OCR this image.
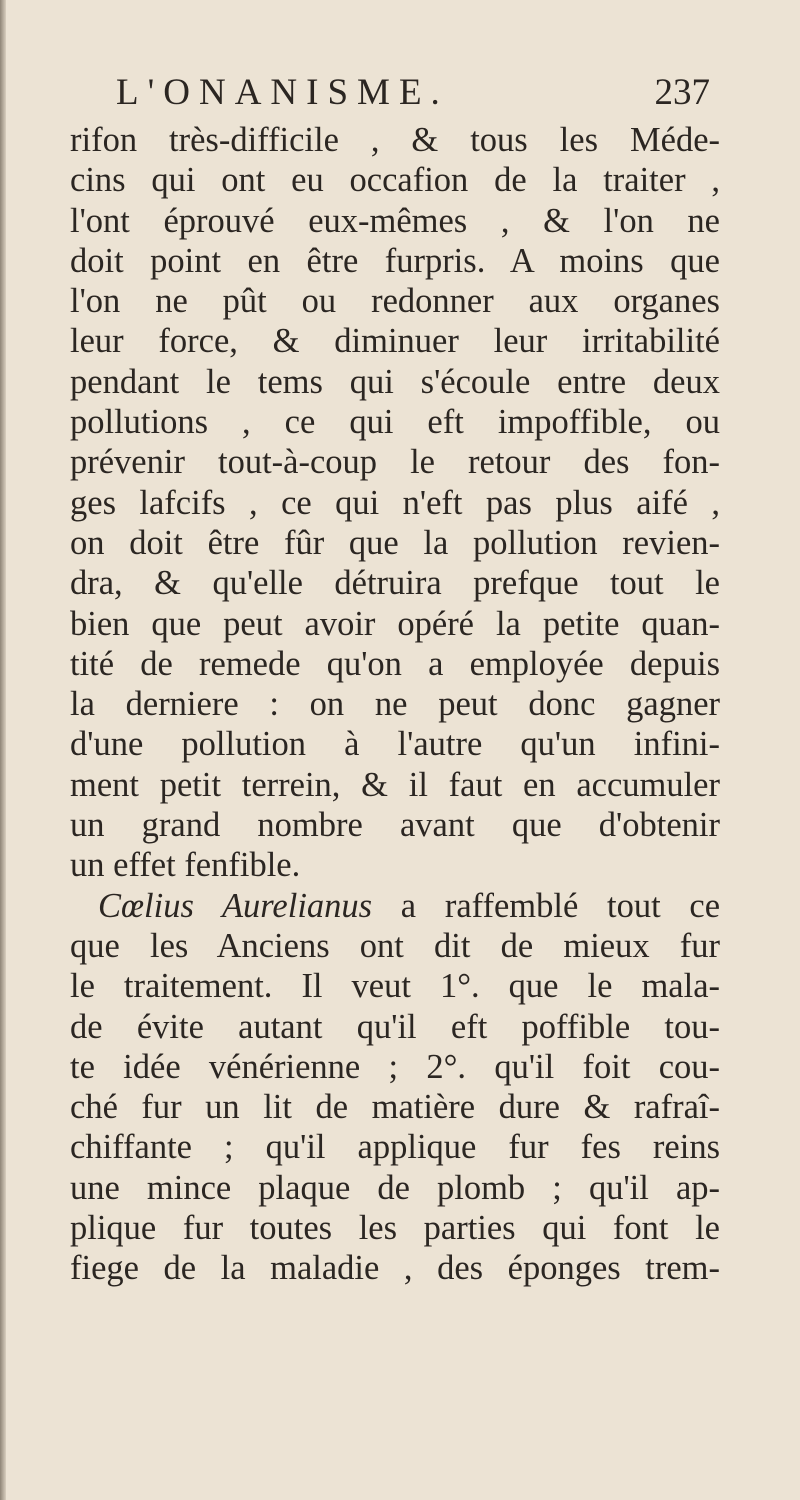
L'ONANISME.	237
rifon très-difficile , & tous les Méde-
cins qui ont eu occafion de la traiter ,
l'ont éprouvé eux-mêmes , & l'on ne
doit point en être furpris. A moins que
l'on ne pût ou redonner aux organes
leur force, & diminuer leur irritabilité
pendant le tems qui s'écoule entre deux
pollutions , ce qui eft impoffible, ou
prévenir tout-à-coup le retour des fon-
ges lafcifs , ce qui n'eft pas plus aifé ,
on doit être fûr que la pollution revien-
dra, & qu'elle détruira prefque tout le
bien que peut avoir opéré la petite quan-
tité de remede qu'on a employée depuis
la derniere : on ne peut donc gagner
d'une pollution à l'autre qu'un infini-
ment petit terrein, & il faut en accumuler
un grand nombre avant que d'obtenir
un effet fenfible.
Cœlius Aurelianus a raffemblé tout ce
que les Anciens ont dit de mieux fur
le traitement. Il veut 1°. que le mala-
de évite autant qu'il eft poffible tou-
te idée vénérienne ; 2°. qu'il foit cou-
ché fur un lit de matière dure & rafraî-
chiffante ; qu'il applique fur fes reins
une mince plaque de plomb ; qu'il ap-
plique fur toutes les parties qui font le
fiege de la maladie , des éponges trem-
